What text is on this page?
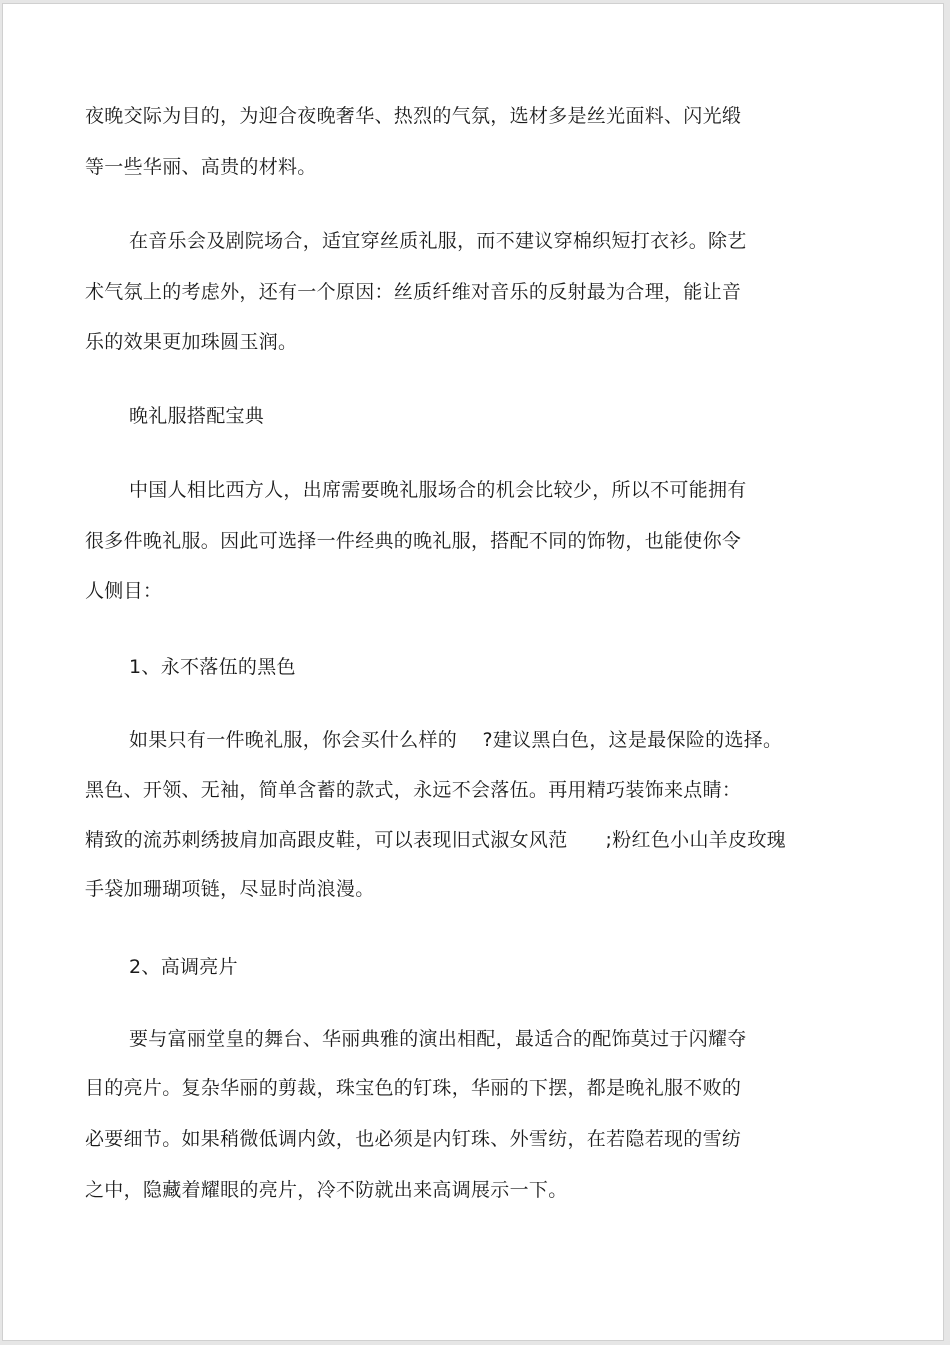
夜晚交际为目的，为迎合夜晚奢华、热烈的气氛，选材多是丝光面料、闪光缎
等一些华丽、高贵的材料。
在音乐会及剧院场合，适宜穿丝质礼服，而不建议穿棉织短打衣衫。除艺
术气氛上的考虑外，还有一个原因：丝质纤维对音乐的反射最为合理，能让音
乐的效果更加珠圆玉润。
晚礼服搭配宝典
中国人相比西方人，出席需要晚礼服场合的机会比较少，所以不可能拥有
很多件晚礼服。因此可选择一件经典的晚礼服，搭配不同的饰物，也能使你令
人侧目：
1、永不落伍的黑色
如果只有一件晚礼服，你会买什么样的    ?建议黑白色，这是最保险的选择。
黑色、开领、无袖，简单含蓄的款式，永远不会落伍。再用精巧装饰来点睛：
精致的流苏刺绣披肩加高跟皮鞋，可以表现旧式淑女风范      ;粉红色小山羊皮玫瑰
手袋加珊瑚项链，尽显时尚浪漫。
2、高调亮片
要与富丽堂皇的舞台、华丽典雅的演出相配，最适合的配饰莫过于闪耀夺
目的亮片。复杂华丽的剪裁，珠宝色的钉珠，华丽的下摆，都是晚礼服不败的
必要细节。如果稍微低调内敛，也必须是内钉珠、外雪纺，在若隐若现的雪纺
之中，隐藏着耀眼的亮片，冷不防就出来高调展示一下。
